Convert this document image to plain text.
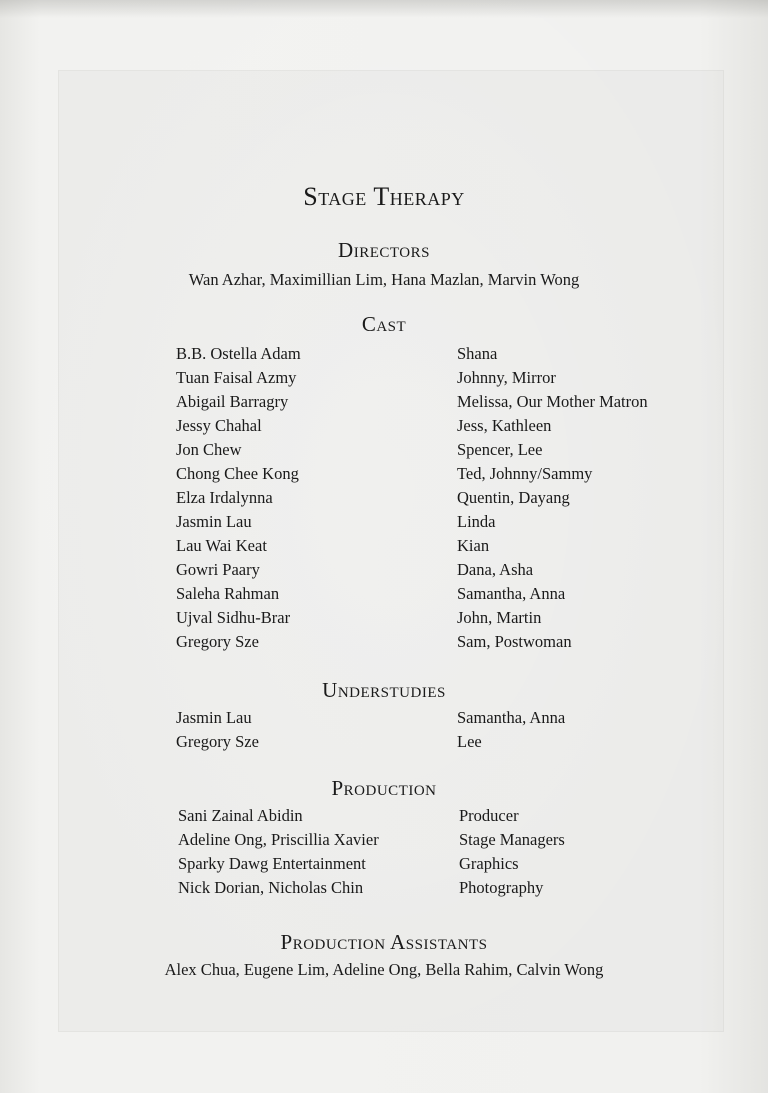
Stage Therapy
Directors
Wan Azhar, Maximillian Lim, Hana Mazlan, Marvin Wong
Cast
B.B. Ostella Adam	Shana
Tuan Faisal Azmy	Johnny, Mirror
Abigail Barragry	Melissa, Our Mother Matron
Jessy Chahal	Jess, Kathleen
Jon Chew	Spencer, Lee
Chong Chee Kong	Ted, Johnny/Sammy
Elza Irdalynna	Quentin, Dayang
Jasmin Lau	Linda
Lau Wai Keat	Kian
Gowri Paary	Dana, Asha
Saleha Rahman	Samantha, Anna
Ujval Sidhu-Brar	John, Martin
Gregory Sze	Sam, Postwoman
Understudies
Jasmin Lau	Samantha, Anna
Gregory Sze	Lee
Production
Sani Zainal Abidin	Producer
Adeline Ong, Priscillia Xavier	Stage Managers
Sparky Dawg Entertainment	Graphics
Nick Dorian, Nicholas Chin	Photography
Production Assistants
Alex Chua, Eugene Lim, Adeline Ong, Bella Rahim, Calvin Wong
